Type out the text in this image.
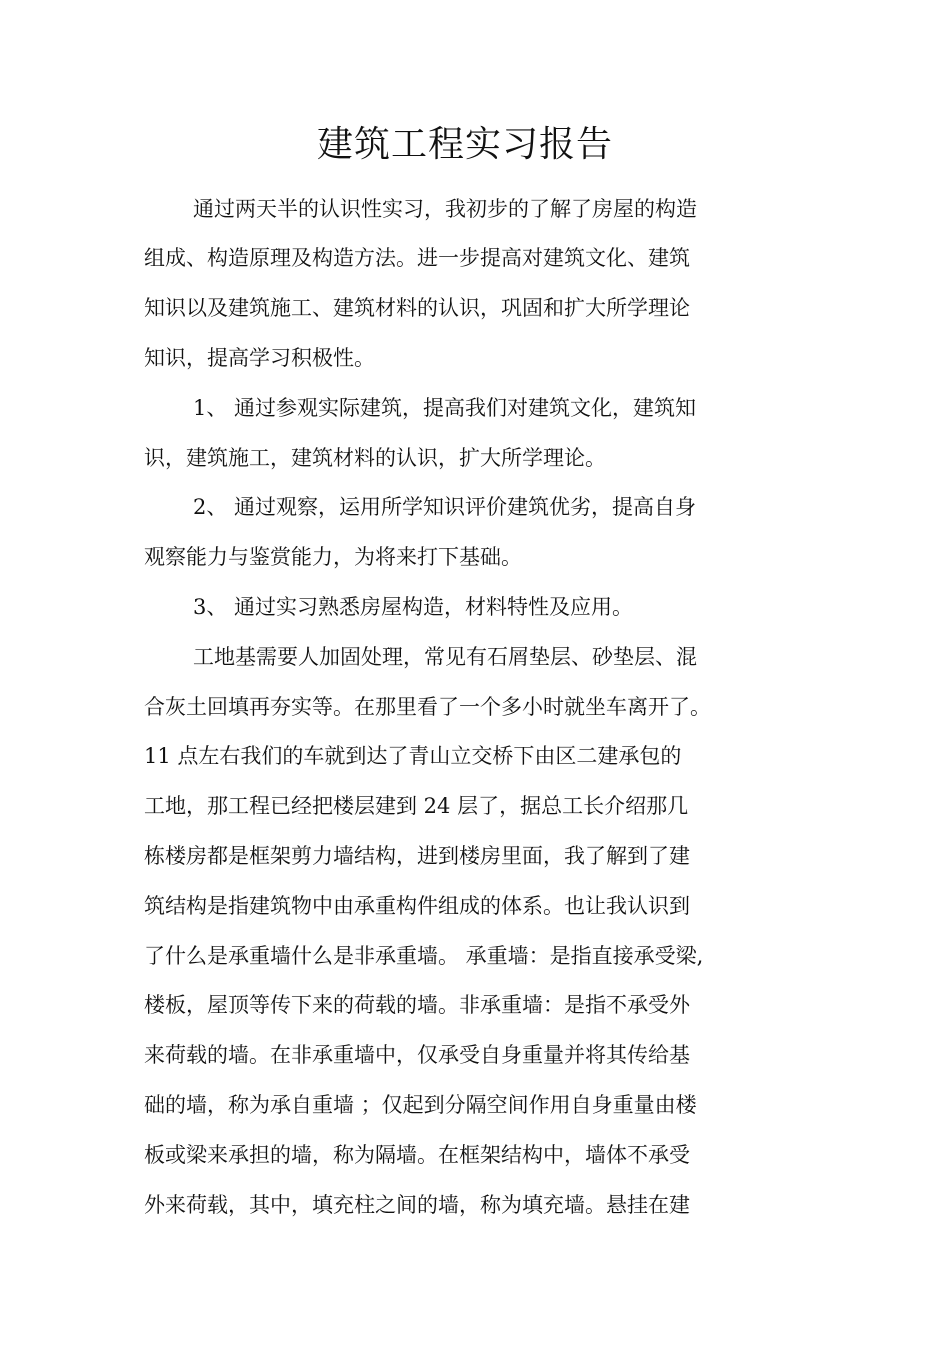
建筑工程实习报告
通过两天半的认识性实习，我初步的了解了房屋的构造
组成、构造原理及构造方法。进一步提高对建筑文化、建筑
知识以及建筑施工、建筑材料的认识，巩固和扩大所学理论
知识，提高学习积极性。
1、 通过参观实际建筑，提高我们对建筑文化，建筑知
识，建筑施工，建筑材料的认识，扩大所学理论。
2、 通过观察，运用所学知识评价建筑优劣，提高自身
观察能力与鉴赏能力，为将来打下基础。
3、 通过实习熟悉房屋构造，材料特性及应用。
工地基需要人加固处理，常见有石屑垫层、砂垫层、混
合灰土回填再夯实等。在那里看了一个多小时就坐车离开了。
11 点左右我们的车就到达了青山立交桥下由区二建承包的
工地，那工程已经把楼层建到 24 层了，据总工长介绍那几
栋楼房都是框架剪力墙结构，进到楼房里面，我了解到了建
筑结构是指建筑物中由承重构件组成的体系。也让我认识到
了什么是承重墙什么是非承重墙。 承重墙：是指直接承受梁,
楼板，屋顶等传下来的荷载的墙。非承重墙：是指不承受外
来荷载的墙。在非承重墙中，仅承受自身重量并将其传给基
础的墙，称为承自重墙 ；仅起到分隔空间作用自身重量由楼
板或梁来承担的墙，称为隔墙。在框架结构中，墙体不承受
外来荷载，其中，填充柱之间的墙，称为填充墙。悬挂在建
